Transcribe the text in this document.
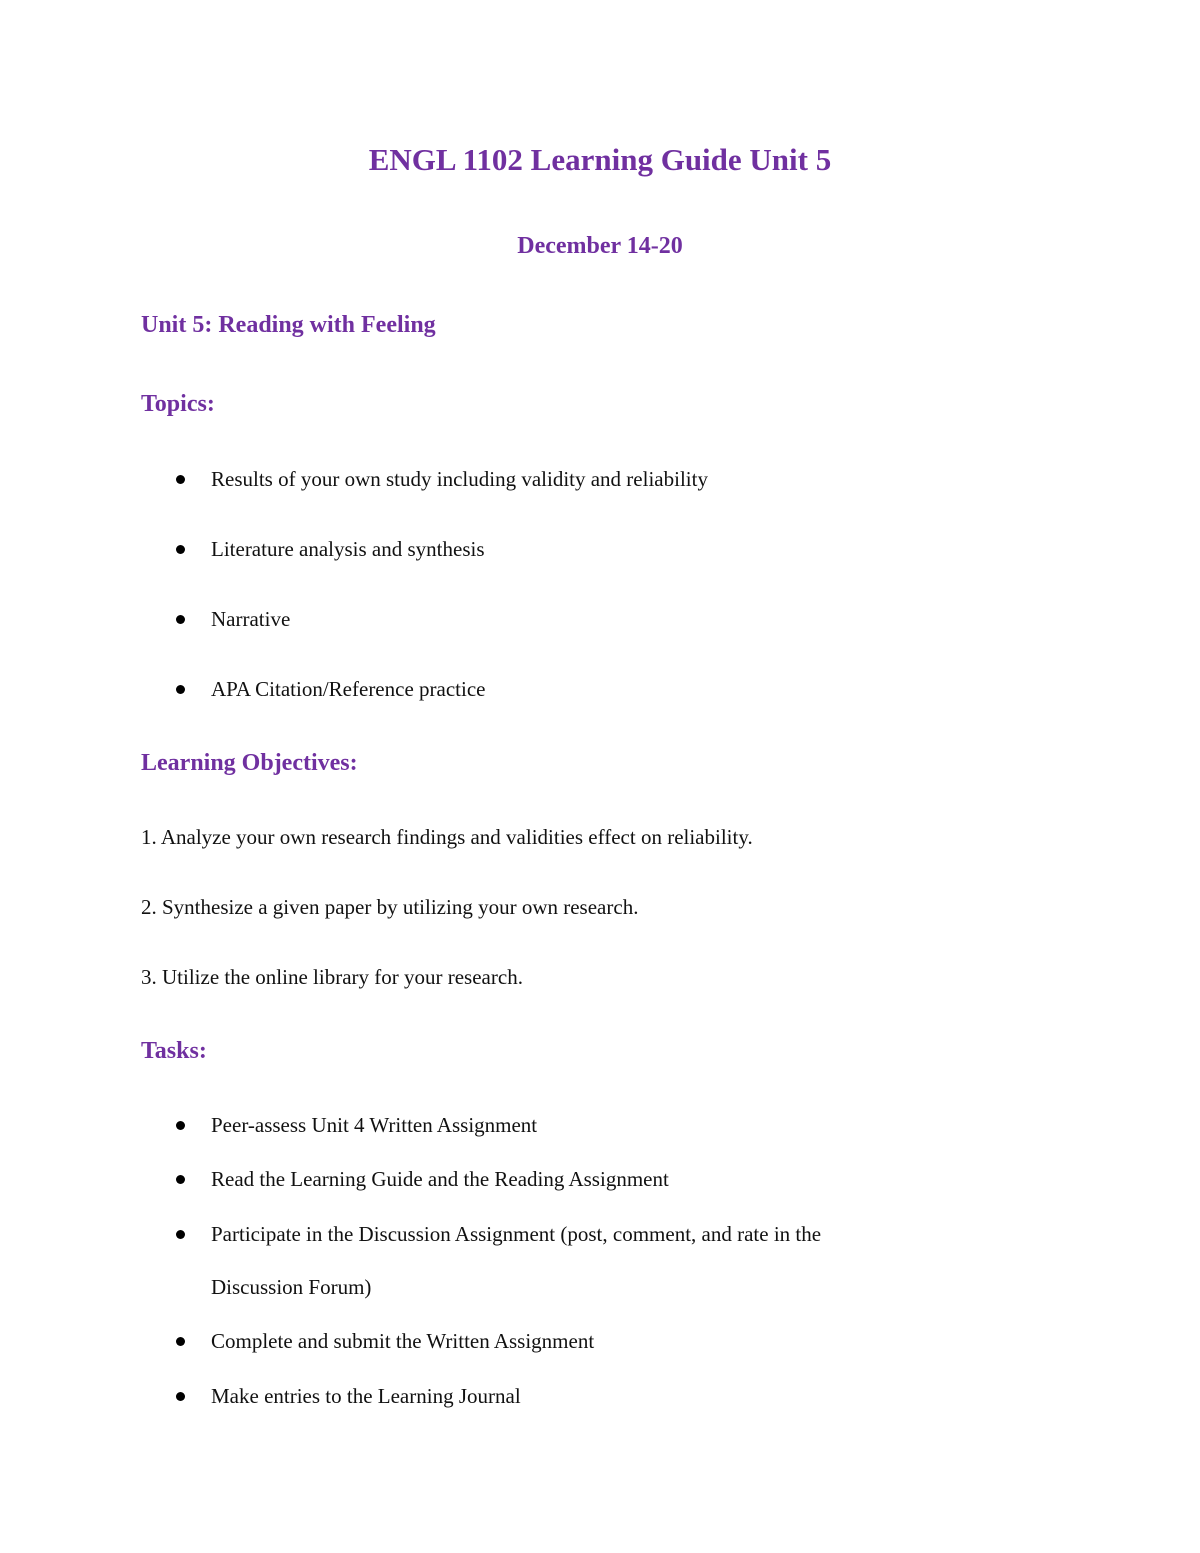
ENGL 1102 Learning Guide Unit 5

December 14-20

Unit 5: Reading with Feeling
Topics:

Results of your own study including validity and reliability

Literature analysis and synthesis

Narrative

APA Citation/Reference practice

Learning Objectives:

1. Analyze your own research findings and validities effect on reliability.

2. Synthesize a given paper by utilizing your own research.

3. Utilize the online library for your research.

Tasks:

Peer-assess Unit 4 Written Assignment

Read the Learning Guide and the Reading Assignment

Participate in the Discussion Assignment (post, comment, and rate in the Discussion Forum)

Complete and submit the Written Assignment

Make entries to the Learning Journal
